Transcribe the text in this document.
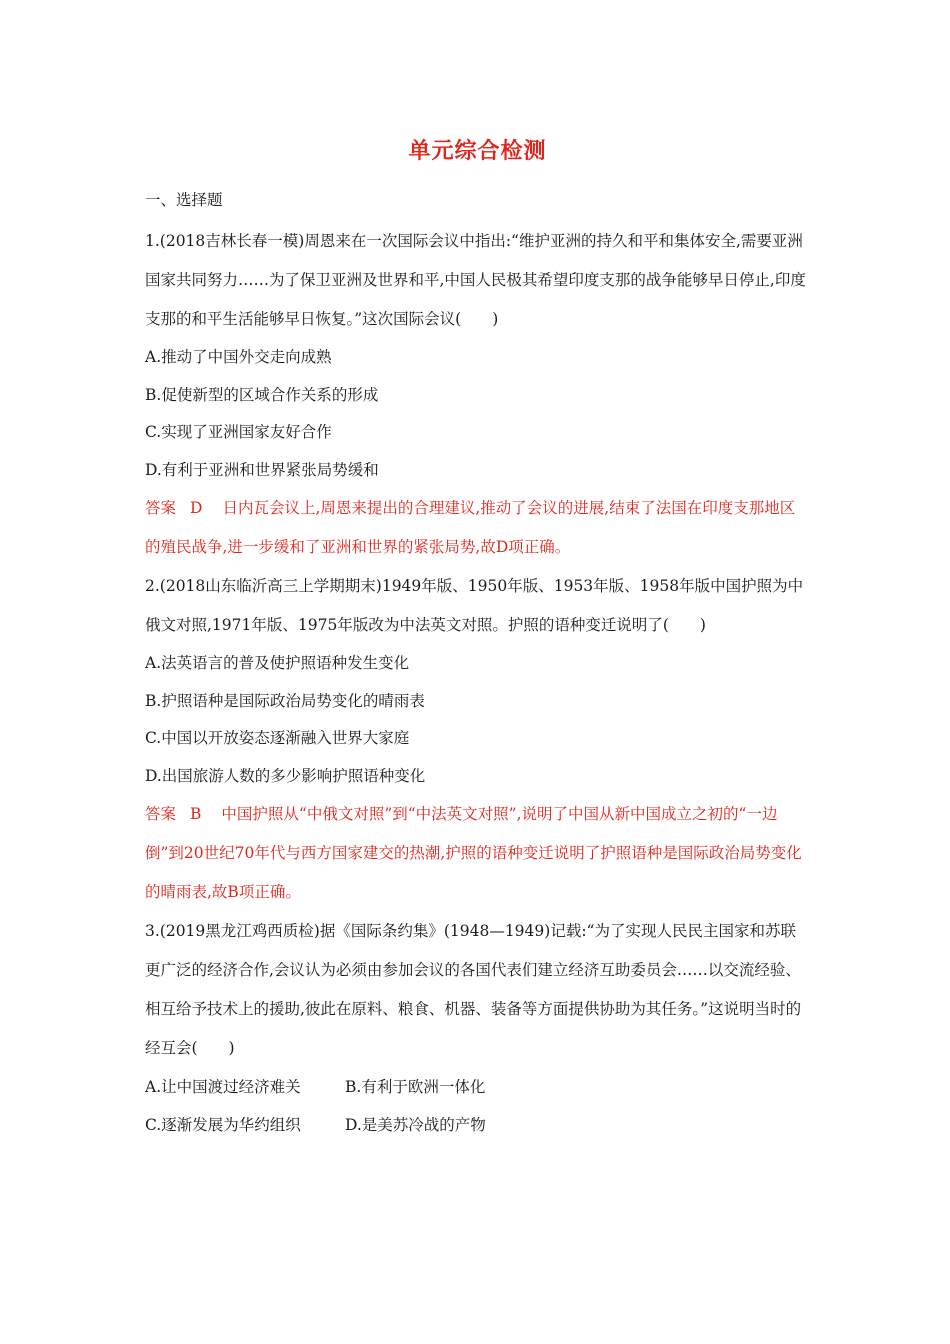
单元综合检测
一、选择题

1.(2018吉林长春一模)周恩来在一次国际会议中指出:“维护亚洲的持久和平和集体安全,需要亚洲国家共同努力……为了保卫亚洲及世界和平,中国人民极其希望印度支那的战争能够早日停止,印度支那的和平生活能够早日恢复。”这次国际会议(　　)

A.推动了中国外交走向成熟

B.促使新型的区域合作关系的形成

C.实现了亚洲国家友好合作

D.有利于亚洲和世界紧张局势缓和

答案 D 日内瓦会议上,周恩来提出的合理建议,推动了会议的进展,结束了法国在印度支那地区的殖民战争,进一步缓和了亚洲和世界的紧张局势,故D项正确。

2.(2018山东临沂高三上学期期末)1949年版、1950年版、1953年版、1958年版中国护照为中俄文对照,1971年版、1975年版改为中法英文对照。护照的语种变迁说明了(　　)

A.法英语言的普及使护照语种发生变化

B.护照语种是国际政治局势变化的晴雨表

C.中国以开放姿态逐渐融入世界大家庭

D.出国旅游人数的多少影响护照语种变化

答案 B 中国护照从“中俄文对照”到“中法英文对照”,说明了中国从新中国成立之初的“一边倒”到20世纪70年代与西方国家建交的热潮,护照的语种变迁说明了护照语种是国际政治局势变化的晴雨表,故B项正确。

3.(2019黑龙江鸡西质检)据《国际条约集》(1948—1949)记载:“为了实现人民民主国家和苏联更广泛的经济合作,会议认为必须由参加会议的各国代表们建立经济互助委员会……以交流经验、相互给予技术上的援助,彼此在原料、粮食、机器、装备等方面提供协助为其任务。”这说明当时的经互会(　　)

A.让中国渡过经济难关	B.有利于欧洲一体化
C.逐渐发展为华约组织	D.是美苏冷战的产物
